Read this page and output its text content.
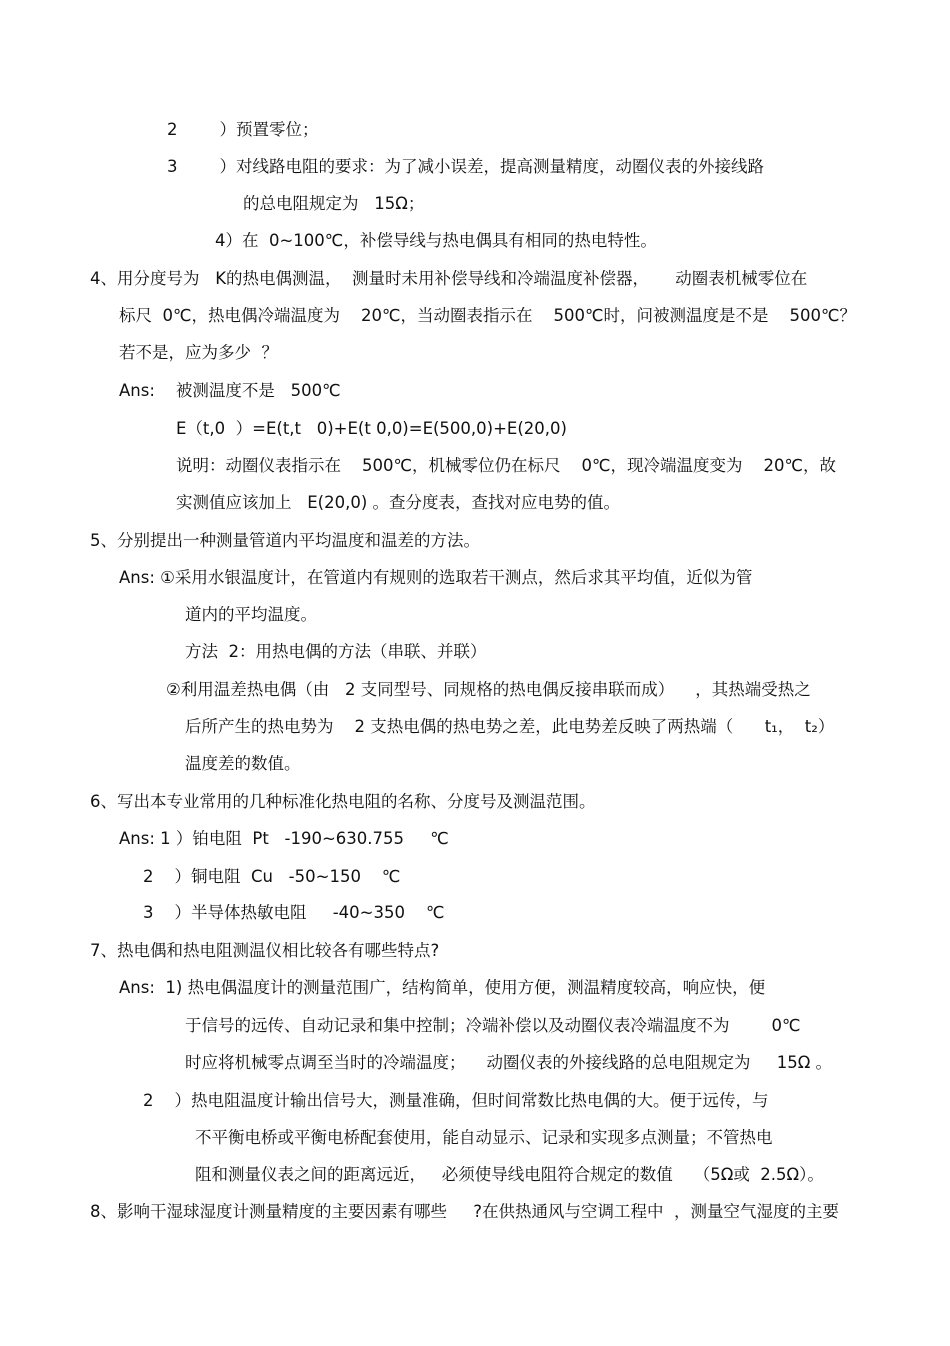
2        ）预置零位；
3        ）对线路电阻的要求：为了减小误差，提高测量精度，动圈仪表的外接线路
的总电阻规定为   15Ω；
4）在  0~100℃，补偿导线与热电偶具有相同的热电特性。
4、用分度号为   K的热电偶测温，  测量时未用补偿导线和冷端温度补偿器，     动圈表机械零位在
标尺  0℃，热电偶冷端温度为    20℃，当动圈表指示在    500℃时，问被测温度是不是    500℃？
若不是，应为多少  ？
Ans:    被测温度不是   500℃
E（t,0  ）=E(t,t   0)+E(t 0,0)=E(500,0)+E(20,0)
说明：动圈仪表指示在    500℃，机械零位仍在标尺    0℃，现冷端温度变为    20℃，故
实测值应该加上   E(20,0) 。查分度表，查找对应电势的值。
5、分别提出一种测量管道内平均温度和温差的方法。
Ans: ①采用水银温度计，在管道内有规则的选取若干测点，然后求其平均值，近似为管
道内的平均温度。
方法  2：用热电偶的方法（串联、并联）
②利用温差热电偶（由   2 支同型号、同规格的热电偶反接串联而成）    ，其热端受热之
后所产生的热电势为    2 支热电偶的热电势之差，此电势差反映了两热端（      t₁，  t₂）
温度差的数值。
6、写出本专业常用的几种标准化热电阻的名称、分度号及测温范围。
Ans: 1 ）铂电阻  Pt   -190~630.755     ℃
2    ）铜电阻  Cu   -50~150    ℃
3    ）半导体热敏电阻     -40~350    ℃
7、热电偶和热电阻测温仪相比较各有哪些特点?
Ans:  1) 热电偶温度计的测量范围广，结构简单，使用方便，测温精度较高，响应快，便
于信号的远传、自动记录和集中控制；冷端补偿以及动圈仪表冷端温度不为        0℃
时应将机械零点调至当时的冷端温度；    动圈仪表的外接线路的总电阻规定为     15Ω 。
2    ）热电阻温度计输出信号大，测量准确，但时间常数比热电偶的大。便于远传，与
不平衡电桥或平衡电桥配套使用，能自动显示、记录和实现多点测量；不管热电
阻和测量仪表之间的距离远近，   必须使导线电阻符合规定的数值    （5Ω或  2.5Ω）。
8、影响干湿球湿度计测量精度的主要因素有哪些     ?在供热通风与空调工程中  ，测量空气湿度的主要
